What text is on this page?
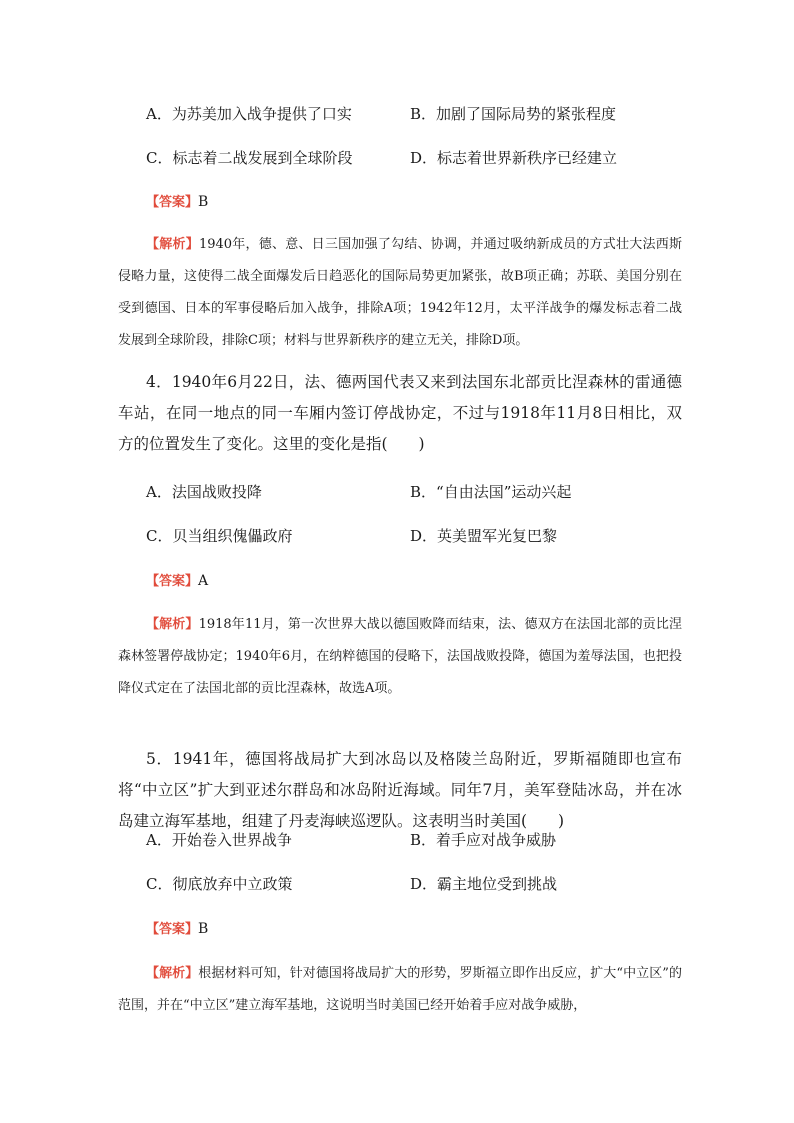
A．为苏美加入战争提供了口实	B．加剧了国际局势的紧张程度
C．标志着二战发展到全球阶段	D．标志着世界新秩序已经建立
【答案】B
【解析】1940年，德、意、日三国加强了勾结、协调，并通过吸纳新成员的方式壮大法西斯侵略力量，这使得二战全面爆发后日趋恶化的国际局势更加紧张，故B项正确；苏联、美国分别在受到德国、日本的军事侵略后加入战争，排除A项；1942年12月，太平洋战争的爆发标志着二战发展到全球阶段，排除C项；材料与世界新秩序的建立无关，排除D项。
4．1940年6月22日，法、德两国代表又来到法国东北部贡比涅森林的雷通德车站，在同一地点的同一车厢内签订停战协定，不过与1918年11月8日相比，双方的位置发生了变化。这里的变化是指(　　)
A．法国战败投降	B．“自由法国”运动兴起
C．贝当组织傀儡政府	D．英美盟军光复巴黎
【答案】A
【解析】1918年11月，第一次世界大战以德国败降而结束，法、德双方在法国北部的贡比涅森林签署停战协定；1940年6月，在纳粹德国的侵略下，法国战败投降，德国为羞辱法国，也把投降仪式定在了法国北部的贡比涅森林，故选A项。
5．1941年，德国将战局扩大到冰岛以及格陵兰岛附近，罗斯福随即也宣布将“中立区”扩大到亚述尔群岛和冰岛附近海域。同年7月，美军登陆冰岛，并在冰岛建立海军基地，组建了丹麦海峡巡逻队。这表明当时美国(　　)
A．开始卷入世界战争	B．着手应对战争威胁
C．彻底放弃中立政策	D．霸主地位受到挑战
【答案】B
【解析】根据材料可知，针对德国将战局扩大的形势，罗斯福立即作出反应，扩大“中立区”的范围，并在“中立区”建立海军基地，这说明当时美国已经开始着手应对战争威胁，
